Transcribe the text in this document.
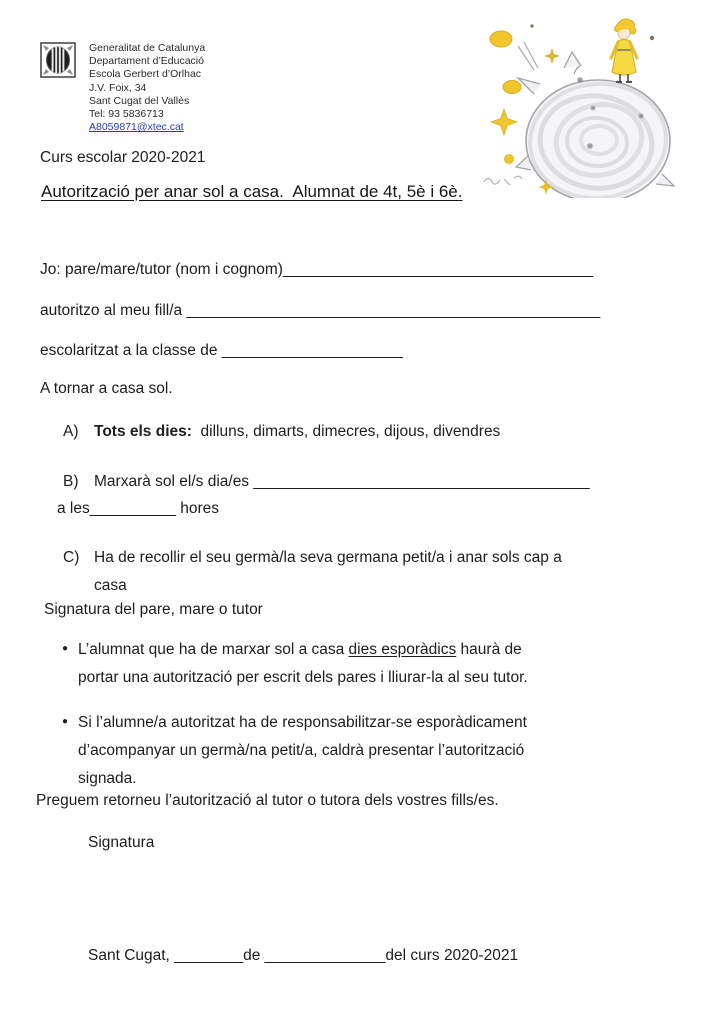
Generalitat de Catalunya
Departament d’Educació
Escola Gerbert d’Orlhac
J.V. Foix, 34
Sant Cugat del Vallès
Tel: 93 5836713
A8059871@xtec.cat
Curs escolar 2020-2021
Autorització per anar sol a casa.  Alumnat de 4t, 5è i 6è.
Jo: pare/mare/tutor (nom i cognom)____________________________________
autoritzo al meu fill/a ________________________________________________
escolaritzat a la classe de _____________________
A tornar a casa sol.
A)	Tots els dies:  dilluns, dimarts, dimecres, dijous, divendres
B)	Marxarà sol el/s dia/es _______________________________________
a les__________ hores
C) Ha de recollir el seu germà/la seva germana petit/a i anar sols cap a casa
Signatura del pare, mare o tutor
● L’alumnat que ha de marxar sol a casa dies esporàdics haurà de portar una autorització per escrit dels pares i lliurar-la al seu tutor.
● Si l’alumne/a autoritzat ha de responsabilitzar-se esporàdicament d’acompanyar un germà/na petit/a, caldrà presentar l’autorització signada.
Preguem retorneu l’autorització al tutor o tutora dels vostres fills/es.
Signatura
Sant Cugat, ________de ______________del curs 2020-2021
